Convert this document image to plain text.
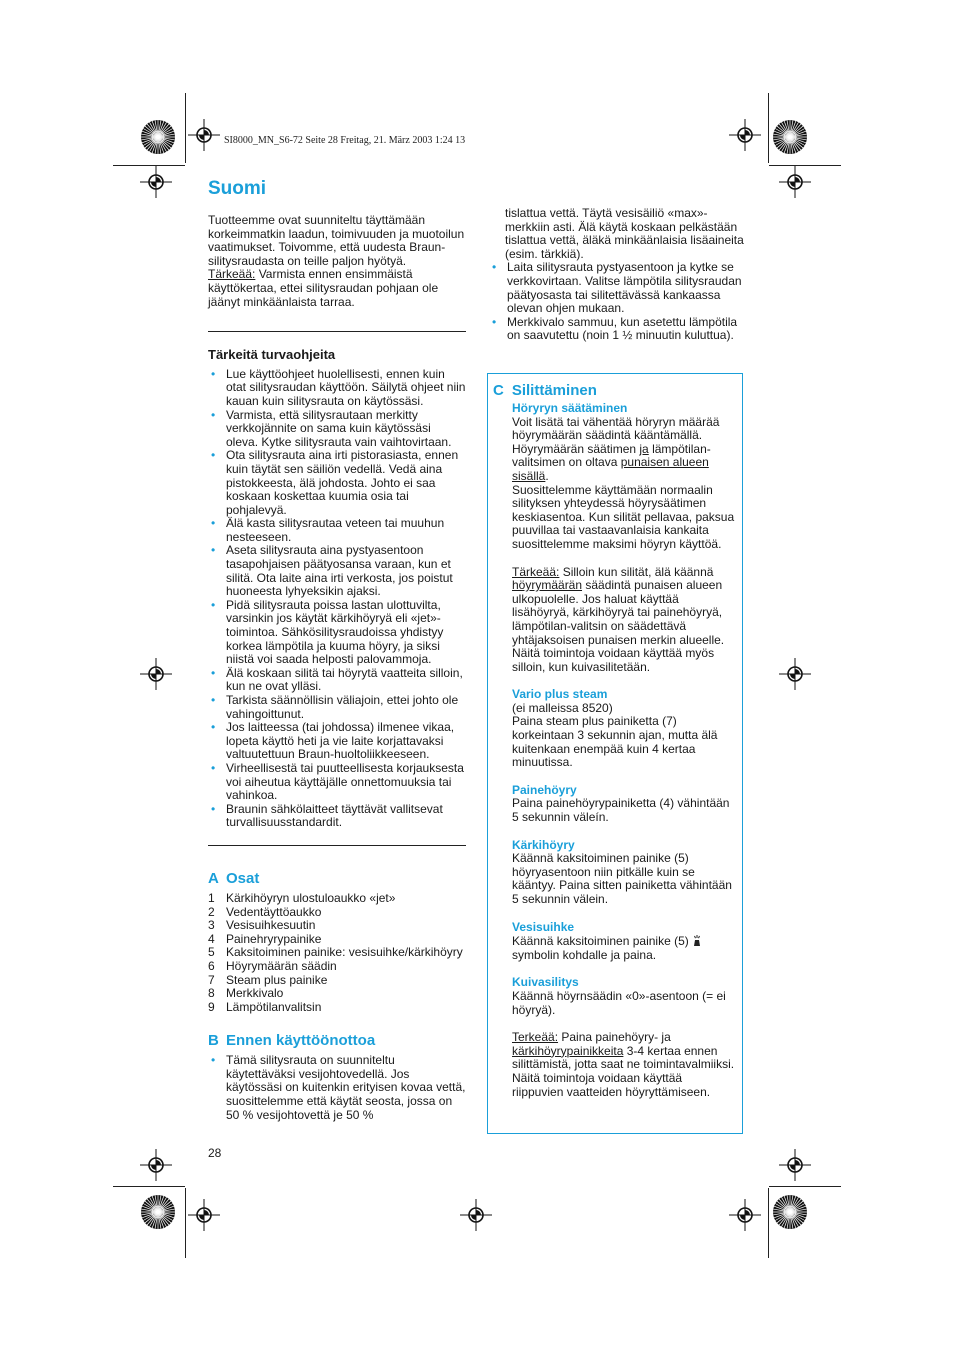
SI8000_MN_S6-72 Seite 28 Freitag, 21. März 2003 1:24 13
Suomi

Tuotteemme ovat suunniteltu täyttämään korkeimmatkin laadun, toimivuuden ja muotoilun vaatimukset. Toivomme, että uudesta Braun-silitysraudasta on teille paljon hyötyä.
Tärkeää: Varmista ennen ensimmäistä käyttökertaa, ettei silitysraudan pohjaan ole jäänyt minkäänlaista tarraa.

Tärkeitä turvaohjeita
• Lue käyttöohjeet huolellisesti, ennen kuin otat silitysraudan käyttöön. Säilytä ohjeet niin kauan kuin silitysrauta on käytössäsi.
• Varmista, että silitysrautaan merkitty verkkojännite on sama kuin käytössäsi oleva. Kytke silitysrauta vain vaihtovirtaan.
• Ota silitysrauta aina irti pistorasiasta, ennen kuin täytät sen säiliön vedellä. Vedä aina pistokkeesta, älä johdosta. Johto ei saa koskaan koskettaa kuumia osia tai pohjalevyä.
• Älä kasta silitysrautaa veteen tai muuhun nesteeseen.
• Aseta silitysrauta aina pystyasentoon tasapohjaisen päätyosansa varaan, kun et silitä. Ota laite aina irti verkosta, jos poistut huoneesta lyhyeksikin ajaksi.
• Pidä silitysrauta poissa lastan ulottuvilta, varsinkin jos käytät kärkihöyryä eli «jet»-toimintoa. Sähkösilitysraudoissa yhdistyy korkea lämpötila ja kuuma höyry, ja siksi niistä voi saada helposti palovammoja.
• Älä koskaan silitä tai höyrytä vaatteita silloin, kun ne ovat ylläsi.
• Tarkista säännöllisin väliajoin, ettei johto ole vahingoittunut.
• Jos laitteessa (tai johdossa) ilmenee vikaa, lopeta käyttö heti ja vie laite korjattavaksi valtuutettuun Braun-huoltoliikkeeseen.
• Virheellisestä tai puutteellisesta korjauksesta voi aiheutua käyttäjälle onnettomuuksia tai vahinkoa.
• Braunin sähkölaitteet täyttävät vallitsevat turvallisuusstandardit.
A Osat
1 Kärkihöyryn ulostuloaukko «jet»
2 Vedentäyttöaukko
3 Vesisuihkesuutin
4 Painehryrypainike
5 Kaksitoiminen painike: vesisuihke/kärkihöyry
6 Höyrymäärän säädin
7 Steam plus painike
8 Merkkivalo
9 Lämpötilanvalitsin
B Ennen käyttöönottoa
• Tämä silitysrauta on suunniteltu käytettäväksi vesijohtovedellä. Jos käytössäsi on kuitenkin erityisen kovaa vettä, suosittelemme että käytät seosta, jossa on 50 % vesijohtovettä je 50 %

tislattua vettä. Täytä vesisäiliö «max»-merkkiin asti. Älä käytä koskaan pelkästään tislattua vettä, äläkä minkäänlaisia lisäaineita (esim. tärkkiä).

• Laita silitysrauta pystyasentoon ja kytke se verkkovirtaan. Valitse lämpötila silitysraudan päätyosasta tai silitettävässä kankaassa olevan ohjen mukaan.
• Merkkivalo sammuu, kun asetettu lämpötila on saavutettu (noin 1 ½ minuutin kuluttua).
C Silittäminen
Höryryn säätäminen

Voit lisätä tai vähentää höryryn määrää höyrymäärän säädintä kääntämällä. Höyrymäärän säätimen ja lämpötilan-valitsimen on oltava punaisen alueen sisällä.

Suosittelemme käyttämään normaalin silityksen yhteydessä höyrysäätimen keskiasentoa. Kun silität pellavaa, paksua puuvillaa tai vastaavanlaisia kankaita suosittelemme maksimi höyryn käyttöä.

Tärkeää: Silloin kun silität, älä käännä höyrymäärän säädintä punaisen alueen ulkopuolelle. Jos haluat käyttää lisähöyryä, kärkihöyryä tai painehöyryä, lämpötilan-valitsin on säädettävä yhtäjaksoisen punaisen merkin alueelle. Näitä toimintoja voidaan käyttää myös silloin, kun kuivasilitetään.

Vario plus steam

(ei malleissa 8520)

Paina steam plus painiketta (7) korkeintaan 3 sekunnin ajan, mutta älä kuitenkaan enempää kuin 4 kertaa minuutissa.

Painehöyry

Paina painehöyrypainiketta (4) vähintään 5 sekunnin väleín.

Kärkihöyry

Käännä kaksitoiminen painike (5) höyryasentoon niin pitkälle kuin se kääntyy. Paina sitten painiketta vähintään 5 sekunnin välein.

Vesisuihke

Käännä kaksitoiminen painike (5)
symbolin kohdalle ja paina.

Kuivasilitys

Käännä höyrnsäädin «0»-asentoon (= ei höyryä).

Terkeää: Paina painehöyry- ja kärkihöyrypainikkeita 3-4 kertaa ennen silittämistä, jotta saat ne toimintavalmiiksi. Näitä toimintoja voidaan käyttää riippuvien vaatteiden höyryttämiseen.

28
